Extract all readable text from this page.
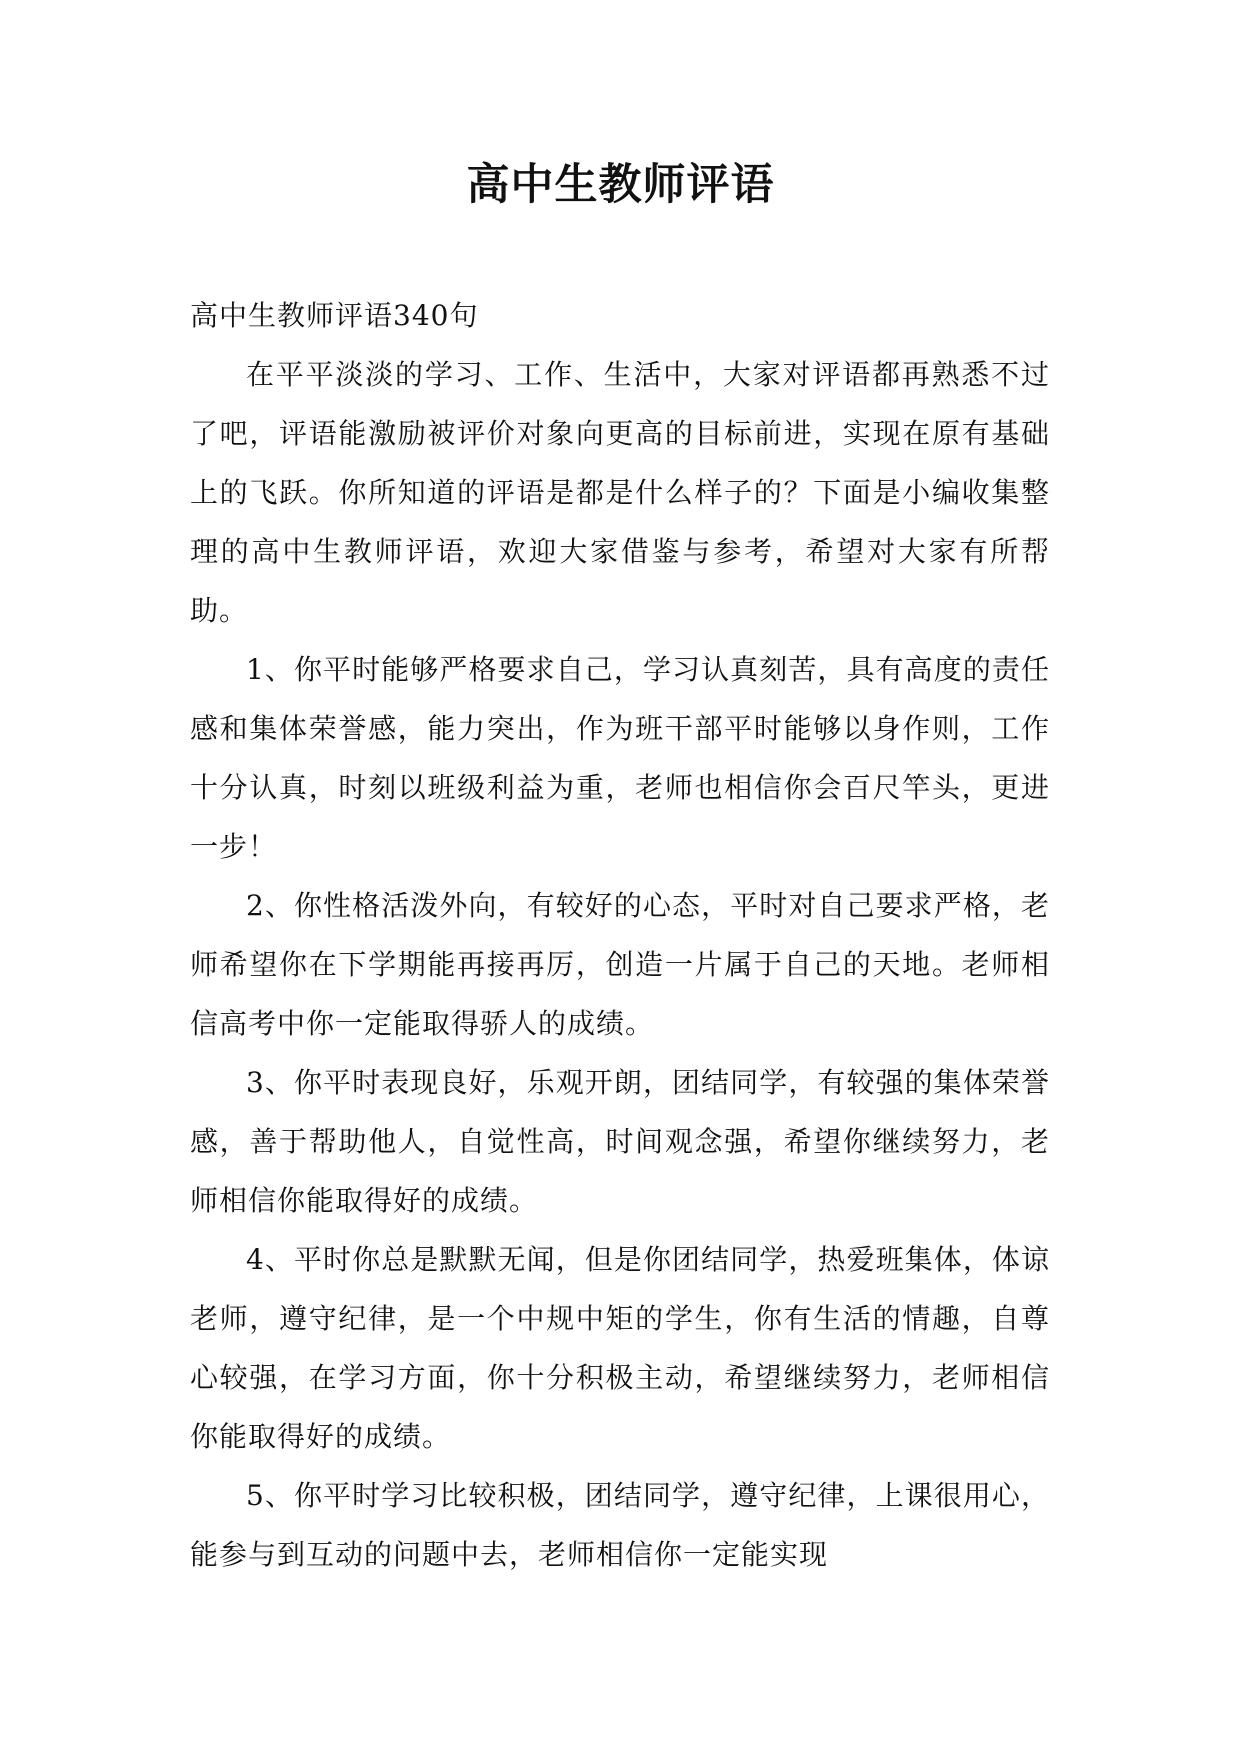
高中生教师评语

高中生教师评语340句

在平平淡淡的学习、工作、生活中，大家对评语都再熟悉不过了吧，评语能激励被评价对象向更高的目标前进，实现在原有基础上的飞跃。你所知道的评语是都是什么样子的？下面是小编收集整理的高中生教师评语，欢迎大家借鉴与参考，希望对大家有所帮助。

1、你平时能够严格要求自己，学习认真刻苦，具有高度的责任感和集体荣誉感，能力突出，作为班干部平时能够以身作则，工作十分认真，时刻以班级利益为重，老师也相信你会百尺竿头，更进一步！

2、你性格活泼外向，有较好的心态，平时对自己要求严格，老师希望你在下学期能再接再厉，创造一片属于自己的天地。老师相信高考中你一定能取得骄人的成绩。

3、你平时表现良好，乐观开朗，团结同学，有较强的集体荣誉感，善于帮助他人，自觉性高，时间观念强，希望你继续努力，老师相信你能取得好的成绩。

4、平时你总是默默无闻，但是你团结同学，热爱班集体，体谅老师，遵守纪律，是一个中规中矩的学生，你有生活的情趣，自尊心较强，在学习方面，你十分积极主动，希望继续努力，老师相信你能取得好的成绩。

5、你平时学习比较积极，团结同学，遵守纪律，上课很用心，能参与到互动的问题中去，老师相信你一定能实现
